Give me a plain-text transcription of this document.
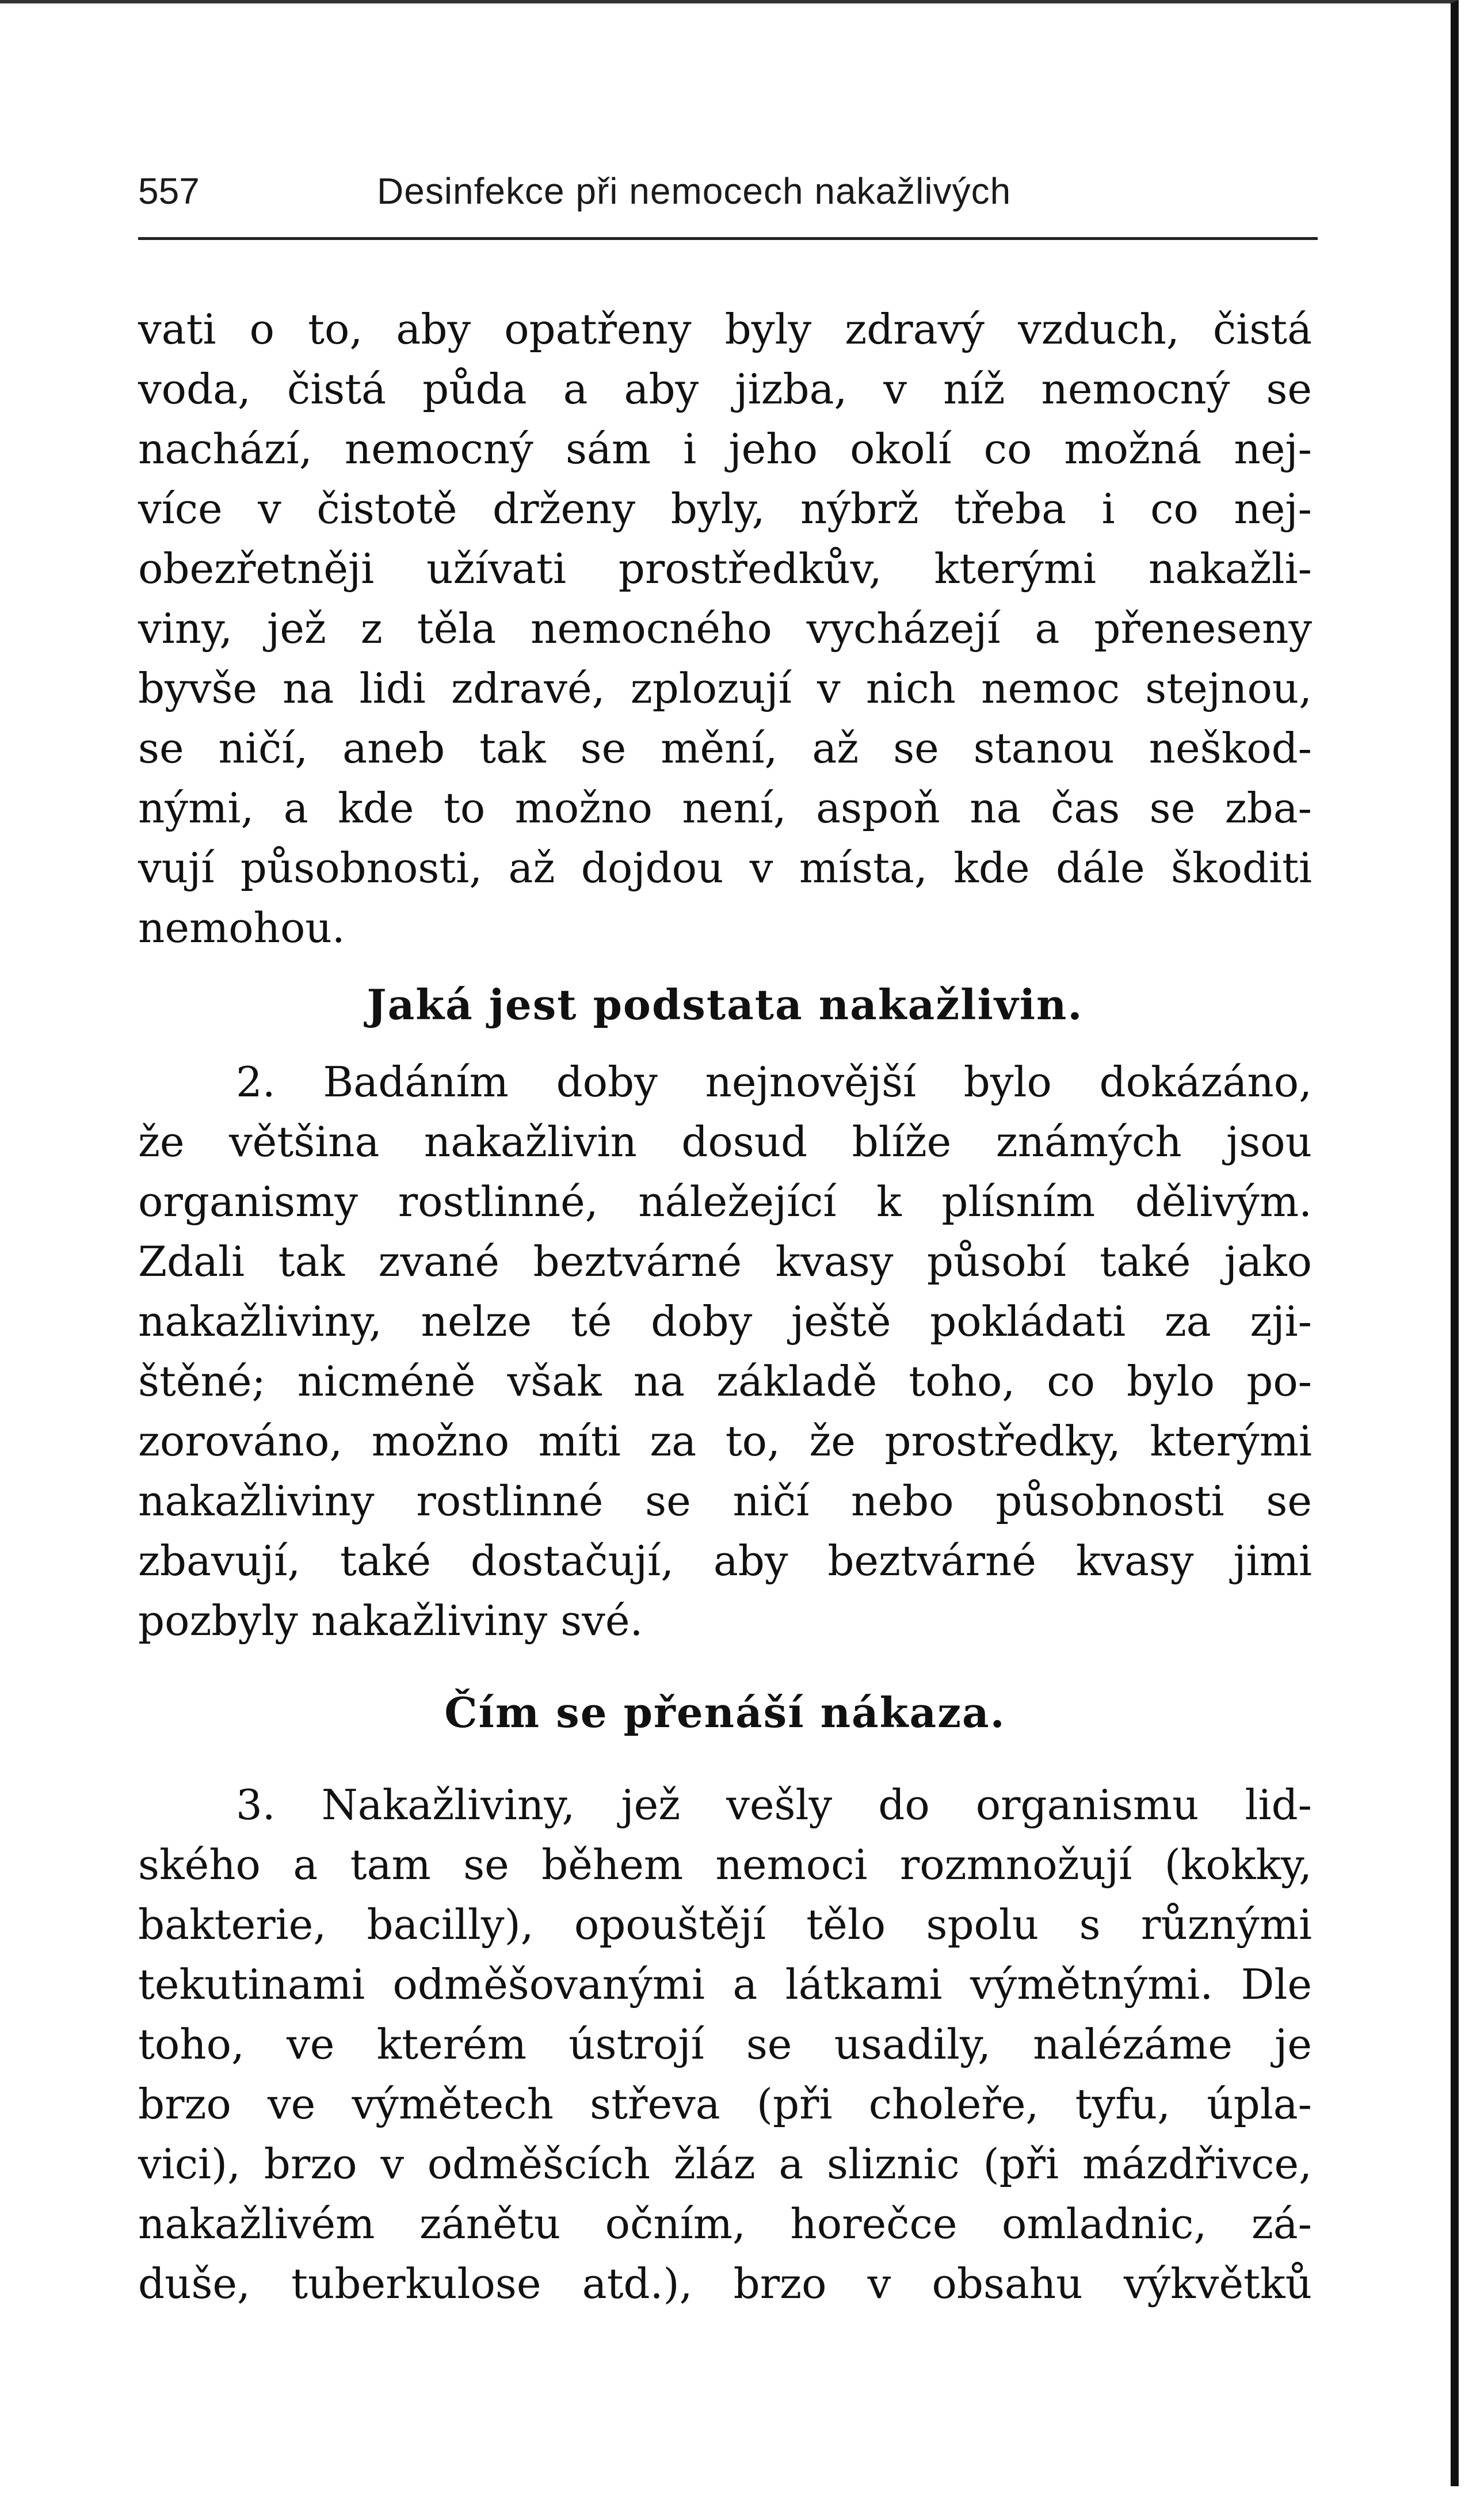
557	Desinfekce při nemocech nakažlivých
vati o to, aby opatřeny byly zdravý vzduch, čistá
voda, čistá půda a aby jizba, v níž nemocný se
nachází, nemocný sám i jeho okolí co možná nej-
více v čistotě drženy byly, nýbrž třeba i co nej-
obezřetněji užívati prostředkův, kterými nakažli-
viny, jež z těla nemocného vycházejí a přeneseny
byvše na lidi zdravé, zplozují v nich nemoc stejnou,
se ničí, aneb tak se mění, až se stanou neškod-
nými, a kde to možno není, aspoň na čas se zba-
vují působnosti, až dojdou v místa, kde dále škoditi
nemohou.
Jaká jest podstata nakažlivin.
2. Badáním doby nejnovější bylo dokázáno,
že většina nakažlivin dosud blíže známých jsou
organismy rostlinné, náležející k plísním dělivým.
Zdali tak zvané beztvárné kvasy působí také jako
nakažliviny, nelze té doby ještě pokládati za zji-
štěné; nicméně však na základě toho, co bylo po-
zorováno, možno míti za to, že prostředky, kterými
nakažliviny rostlinné se ničí nebo působnosti se
zbavují, také dostačují, aby beztvárné kvasy jimi
pozbyly nakažliviny své.
Čím se přenáší nákaza.
3. Nakažliviny, jež vešly do organismu lid-
ského a tam se během nemoci rozmnožují (kokky,
bakterie, bacilly), opouštějí tělo spolu s různými
tekutinami odměšovanými a látkami výmětnými. Dle
toho, ve kterém ústrojí se usadily, nalézáme je
brzo ve výmětech střeva (při choleře, tyfu, úpla-
vici), brzo v odměšcích žláz a sliznic (při mázdřivce,
nakažlivém zánětu očním, horečce omladnic, zá-
duše, tuberkulose atd.), brzo v obsahu výkvětků
